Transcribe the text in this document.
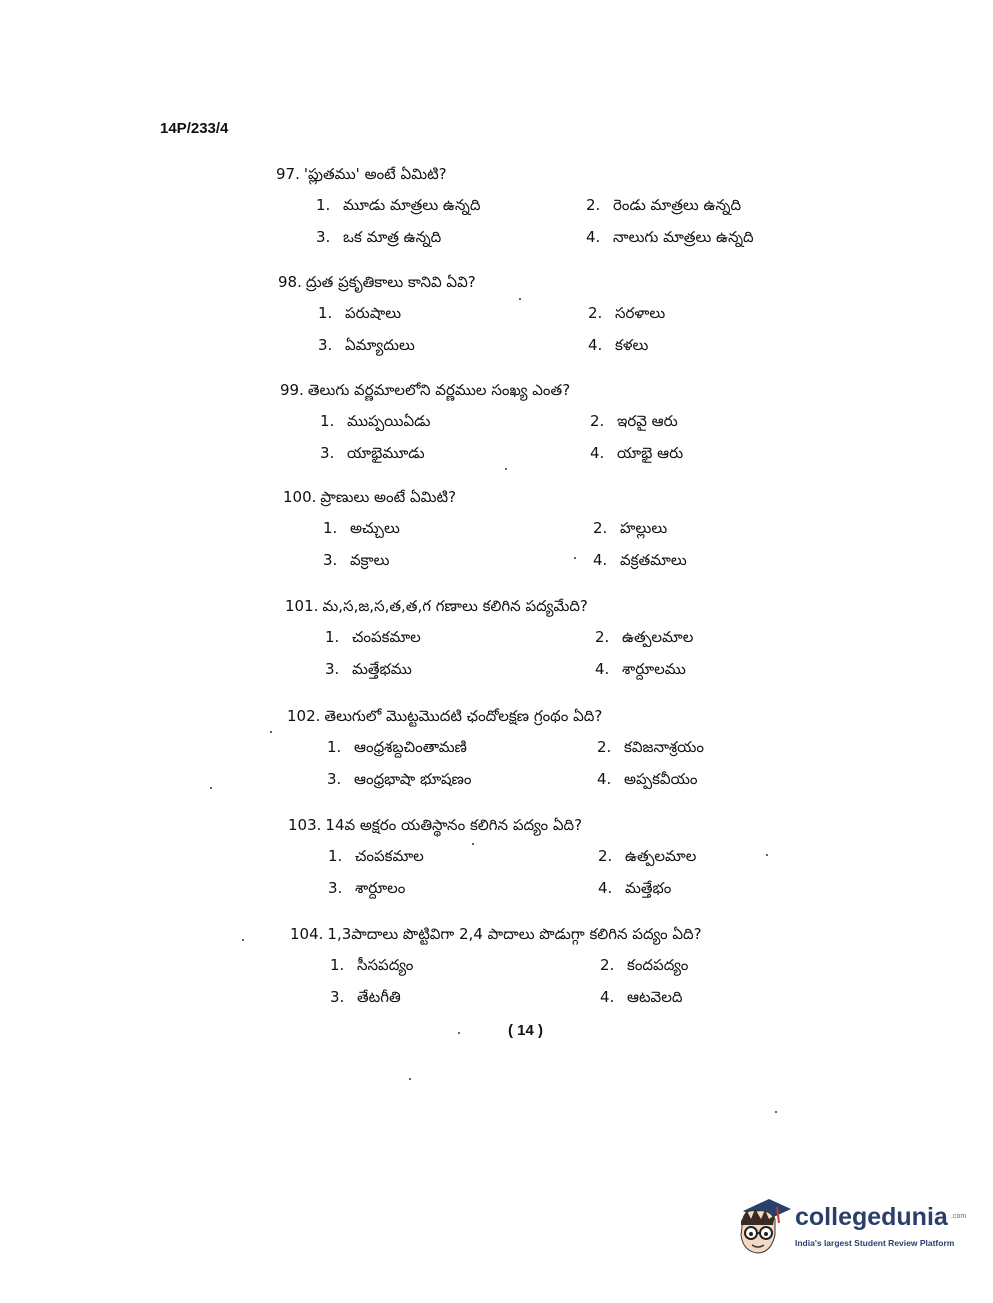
14P/233/4
97. 'ప్లుతము' అంటే ఏమిటి?
1. మూడు మాత్రలు ఉన్నది	2. రెండు మాత్రలు ఉన్నది
3. ఒక మాత్ర ఉన్నది	4. నాలుగు మాత్రలు ఉన్నది
98. ద్రుత ప్రకృతికాలు కానివి ఏవి?
1. పరుషాలు	2. సరళాలు
3. ఏమ్యాదులు	4. కళలు
99. తెలుగు వర్ణమాలలోని వర్ణముల సంఖ్య ఎంత?
1. ముప్పయిఏడు	2. ఇరవై ఆరు
3. యాభైమూడు	4. యాభై ఆరు
100. ప్రాణులు అంటే ఏమిటి?
1. అచ్చులు	2. హల్లులు
3. వక్రాలు	4. వక్రతమాలు
101. మ,స,జ,స,త,త,గ గణాలు కలిగిన పద్యమేది?
1. చంపకమాల	2. ఉత్పలమాల
3. మత్తేభము	4. శార్దూలము
102. తెలుగులో మొట్టమొదటి ఛందోలక్షణ గ్రంథం ఏది?
1. ఆంధ్రశబ్దచింతామణి	2. కవిజనాశ్రయం
3. ఆంధ్రభాషా భూషణం	4. అప్పకవీయం
103. 14వ అక్షరం యతిస్థానం కలిగిన పద్యం ఏది?
1. చంపకమాల	2. ఉత్పలమాల
3. శార్దూలం	4. మత్తేభం
104. 1,3పాదాలు పొట్టివిగా 2,4 పాదాలు పొడుగ్గా కలిగిన పద్యం ఏది?
1. సీసపద్యం	2. కందపద్యం
3. తేటగీతి	4. ఆటవెలది
( 14 )
collegedunia .com
India's largest Student Review Platform
